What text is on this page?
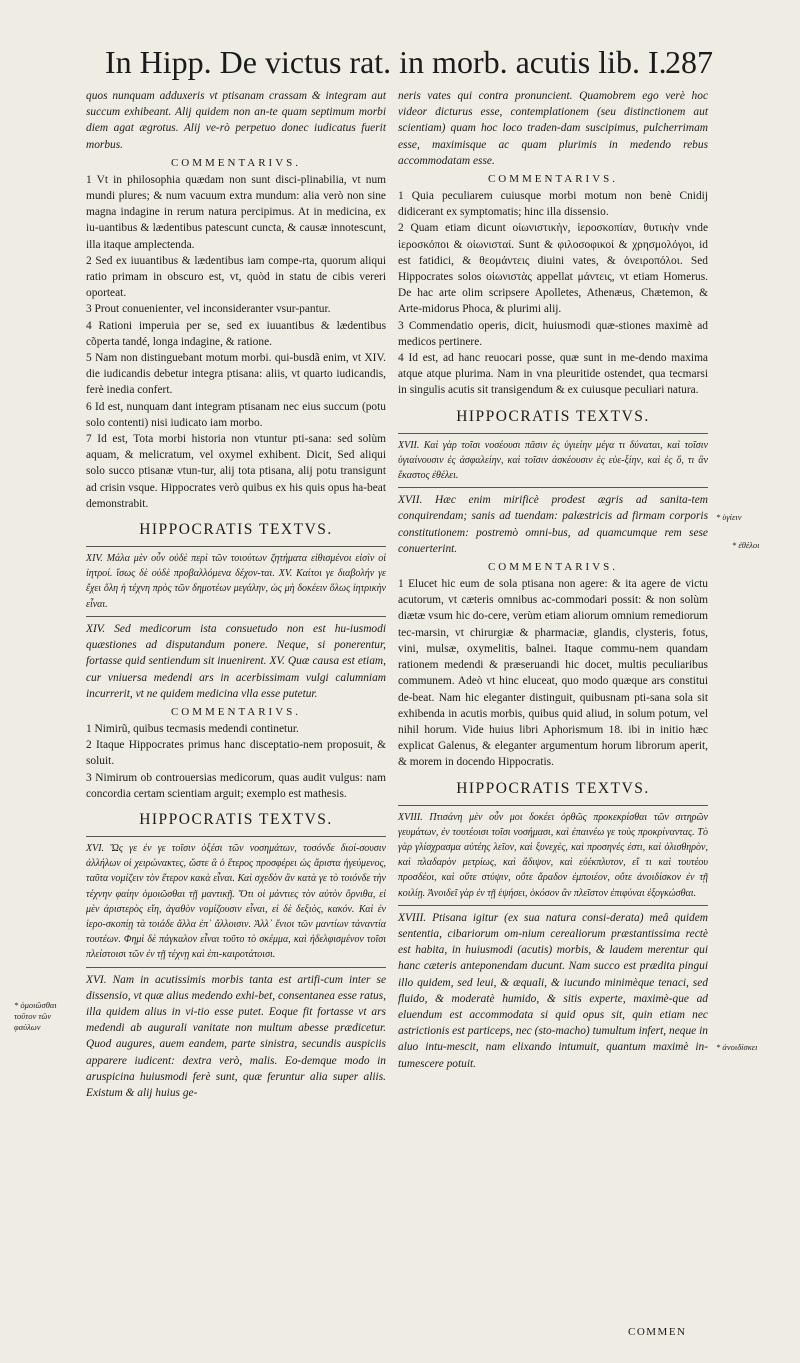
In Hipp. De victus rat. in morb. acutis lib. I.
287

quos nunquam adduxeris vt ptisanam crassam & integram aut succum exhibeant. Alij quidem non an-te quam septimum morbi diem agat ægrotus. Alij ve-rò perpetuo donec iudicatus fuerit morbus.

COMMENTARIVS.

1 Vt in philosophia quædam non sunt disci-plinabilia, vt num mundi plures; & num vacuum extra mundum: alia verò non sine magna indagine in rerum natura percipimus. At in medicina, ex iu-uantibus & lædentibus patescunt cuncta, & causæ innotescunt, illa itaque amplectenda.

2 Sed ex iuuantibus & lædentibus iam compe-rta, quorum aliqui ratio primam in obscuro est, vt, quòd in statu de cibis vereri oporteat.

3 Prout conuenienter, vel inconsideranter vsur-pantur.

4 Rationi imperuia per se, sed ex iuuantibus & lædentibus cõperta tandé, longa indagine, & ratione.

5 Nam non distinguebant motum morbi. qui-busdã enim, vt XIV. die iudicandis debetur integra ptisana: aliis, vt quarto iudicandis, ferè inedia confert.

6 Id est, nunquam dant integram ptisanam nec eius succum (potu solo contenti) nisi iudicato iam morbo.

7 Id est, Tota morbi historia non vtuntur pti-sana: sed solùm aquam, & melicratum, vel oxymel exhibent. Dicit, Sed aliqui solo succo ptisanæ vtun-tur, alij tota ptisana, alij potu transigunt ad crisin vsque. Hippocrates verò quibus ex his quis opus ha-beat demonstrabit.

HIPPOCRATIS TEXTVS.

XIV. Μάλα μὲν οὖν οὐδὲ περὶ τῶν τοιούτων ζητήματα εἰθισμένοι εἰσὶν οἱ ἰητροί. ἴσως δὲ οὐδὲ προβαλλόμενα δέχον-ται. XV. Καίτοι γε διαβολήν γε ἔχει ὅλη ἡ τέχνη πρὸς τῶν δημοτέων μεγάλην, ὡς μὴ δοκέειν ὅλως ἰητρικὴν εἶναι.

XIV. Sed medicorum ista consuetudo non est hu-iusmodi quæstiones ad disputandum ponere. Neque, si ponerentur, fortasse quid sentiendum sit inuenirent. XV. Quæ causa est etiam, cur vniuersa medendi ars in acerbissimam vulgi calumniam incurrerit, vt ne quidem medicina vlla esse putetur.

COMMENTARIVS.

1 Nimirũ, quibus tecmasis medendi continetur.

2 Itaque Hippocrates primus hanc disceptatio-nem proposuit, & soluit.

3 Nimirum ob controuersias medicorum, quas audit vulgus: nam concordia certam scientiam arguit; exemplo est mathesis.

HIPPOCRATIS TEXTVS.

XVI. Ὥς γε ἐν γε τοῖσιν ὀξέσι τῶν νοσημάτων, τοσόνδε διοί-σουσιν ἀλλήλων οἱ χειρώνακτες, ὥστε ἃ ὁ ἕτερος προσφέρει ὡς ἄριστα ἡγεύμενος, ταῦτα νομίζειν τὸν ἕτερον κακὰ εἶναι. Καὶ σχεδὸν ἂν κατὰ γε τὸ τοιόνδε τὴν τέχνην φαίην ὁμοιῶσθαι τῇ μαντικῇ. Ὅτι οἱ μάντιες τὸν αὐτὸν ὄρνιθα, εἰ μὲν ἀριστερὸς εἴη, ἀγαθὸν νομίζουσιν εἶναι, εἰ δὲ δεξιὸς, κακόν. Καὶ ἐν ἱερο-σκοπίῃ τὰ τοιάδε ἄλλα ἐπ᾽ ἄλλοισιν. Ἀλλ᾽ ἔνιοι τῶν μαντίων τἀναντία τουτέων. Φημὶ δὲ πάγκαλον εἶναι τοῦτο τὸ σκέμμα, καὶ ἠδελφισμένον τοῖσι πλείστοισι τῶν ἐν τῇ τέχνῃ καὶ ἐπι-καιροτάτοισι.

XVI. Nam in acutissimis morbis tanta est artifi-cum inter se dissensio, vt quæ alius medendo exhi-bet, consentanea esse ratus, illa quidem alius in vi-tio esse putet. Eoque fit fortasse vt ars medendi ab augurali vanitate non multum abesse prædicetur. Quod augures, auem eandem, parte sinistra, secundis auspiciis apparere iudicent: dextra verò, malis. Eo-demque modo in aruspicina huiusmodi ferè sunt, quæ feruntur alia super aliis. Existum & alij huius ge-

* ὁμοιῶσθαι
τοῦτον τῶν
φαύλων

neris vates qui contra pronuncient. Quamobrem ego verè hoc videor dicturus esse, contemplationem (seu distinctionem aut scientiam) quam hoc loco traden-dam suscipimus, pulcherrimam esse, maximisque ac quam plurimis in medendo rebus accommodatam esse.

COMMENTARIVS.

1 Quia peculiarem cuiusque morbi motum non benè Cnidij didicerant ex symptomatis; hinc illa dissensio.

2 Quam etiam dicunt οἰωνιστικὴν, ἱεροσκοπίαν, θυτικὴν vnde ἱεροσκόποι & οἰωνισταί. Sunt & φιλοσοφικοί & χρησμολόγοι, id est fatidici, & θεομάντεις diuini vates, & ὀνειροπόλοι. Sed Hippocrates solos οἰωνιστὰς appellat μάντεις, vt etiam Homerus. De hac arte olim scripsere Apolletes, Athenæus, Chætemon, & Arte-midorus Phoca, & plurimi alij.

3 Commendatio operis, dicit, huiusmodi quæ-stiones maximè ad medicos pertinere.

4 Id est, ad hanc reuocari posse, quæ sunt in me-dendo maxima atque atque plurima. Nam in vna pleuritide ostendet, qua tecmarsi in singulis acutis sit transigendum & ex cuiusque peculiari natura.

HIPPOCRATIS TEXTVS.

XVII. Καὶ γὰρ τοῖσι νοσέουσι πᾶσιν ἐς ὑγιείην μέγα τι δύναται, καὶ τοῖσιν ὑγιαίνουσιν ἐς ἀσφαλείην, καὶ τοῖσιν ἀσκέουσιν ἐς εὐε-ξίην, καὶ ἐς ὅ, τι ἂν ἕκαστος ἐθέλει.

XVII. Hæc enim mirificè prodest ægris ad sanita-tem conquirendam; sanis ad tuendam: palæstricis ad firmam corporis constitutionem: postremò omni-bus, ad quamcumque rem sese conuerterint.

COMMENTARIVS.

1 Elucet hic eum de sola ptisana non agere: & ita agere de victu acutorum, vt cæteris omnibus ac-commodari possit: & non solùm diætæ vsum hic do-cere, verùm etiam aliorum omnium remediorum tec-marsin, vt chirurgiæ & pharmaciæ, glandis, clysteris, fotus, vini, mulsæ, oxymelitis, balnei. Itaque commu-nem quandam rationem medendi & præseruandi hic docet, multis peculiaribus communem. Adeò vt hinc eluceat, quo modo quæque ars constitui de-beat. Nam hic eleganter distinguit, quibusnam pti-sana sola sit exhibenda in acutis morbis, quibus quid aliud, in solum potum, vel nihil horum. Vide huius libri Aphorismum 18. ibi in initio hæc explicat Galenus, & eleganter argumentum horum librorum aperit, & morem in docendo Hippocratis.

HIPPOCRATIS TEXTVS.

XVIII. Πτισάνη μὲν οὖν μοι δοκέει ὀρθῶς προκεκρίσθαι τῶν σιτηρῶν γευμάτων, ἐν τουτέοισι τοῖσι νοσήμασι, καὶ ἐπαινέω γε τοὺς προκρίναντας. Τὸ γὰρ γλίσχρασμα αὐτέης λεῖον, καὶ ξυνεχὲς, καὶ προσηνές ἐστι, καὶ ὀλισθηρὸν, καὶ πλαδαρὸν μετρίως, καὶ ἄδιψον, καὶ εὐέκπλυτον, εἴ τι καὶ τουτέου προσδέοι, καὶ οὔτε στύψιν, οὔτε ἄραδον ἐμποιέον, οὔτε ἀνοιδίσκον ἐν τῇ κοιλίῃ. Ἀνοιδεῖ γὰρ ἐν τῇ ἑψήσει, ὁκόσον ἂν πλεῖστον ἐπιφύναι ἐξογκώσθαι.

XVIII. Ptisana igitur (ex sua natura consi-derata) meâ quidem sententia, cibariorum om-nium cerealiorum præstantissima rectè est habita, in huiusmodi (acutis) morbis, & laudem merentur qui hanc cæteris anteponendam ducunt. Nam succo est prædita pingui illo quidem, sed leui, & æquali, & iucundo minimèque tenaci, sed fluido, & moderatè humido, & sitis experte, maximè-que ad eluendum est accommodata si quid opus sit, quin etiam nec astrictionis est particeps, nec (sto-macho) tumultum infert, neque in aluo intu-mescit, nam elixando intumuit, quantum maximè in-tumescere potuit.

* ὑγίειν
* ἐθέλοι
* ἀνοιδίσκει
COMMEN
